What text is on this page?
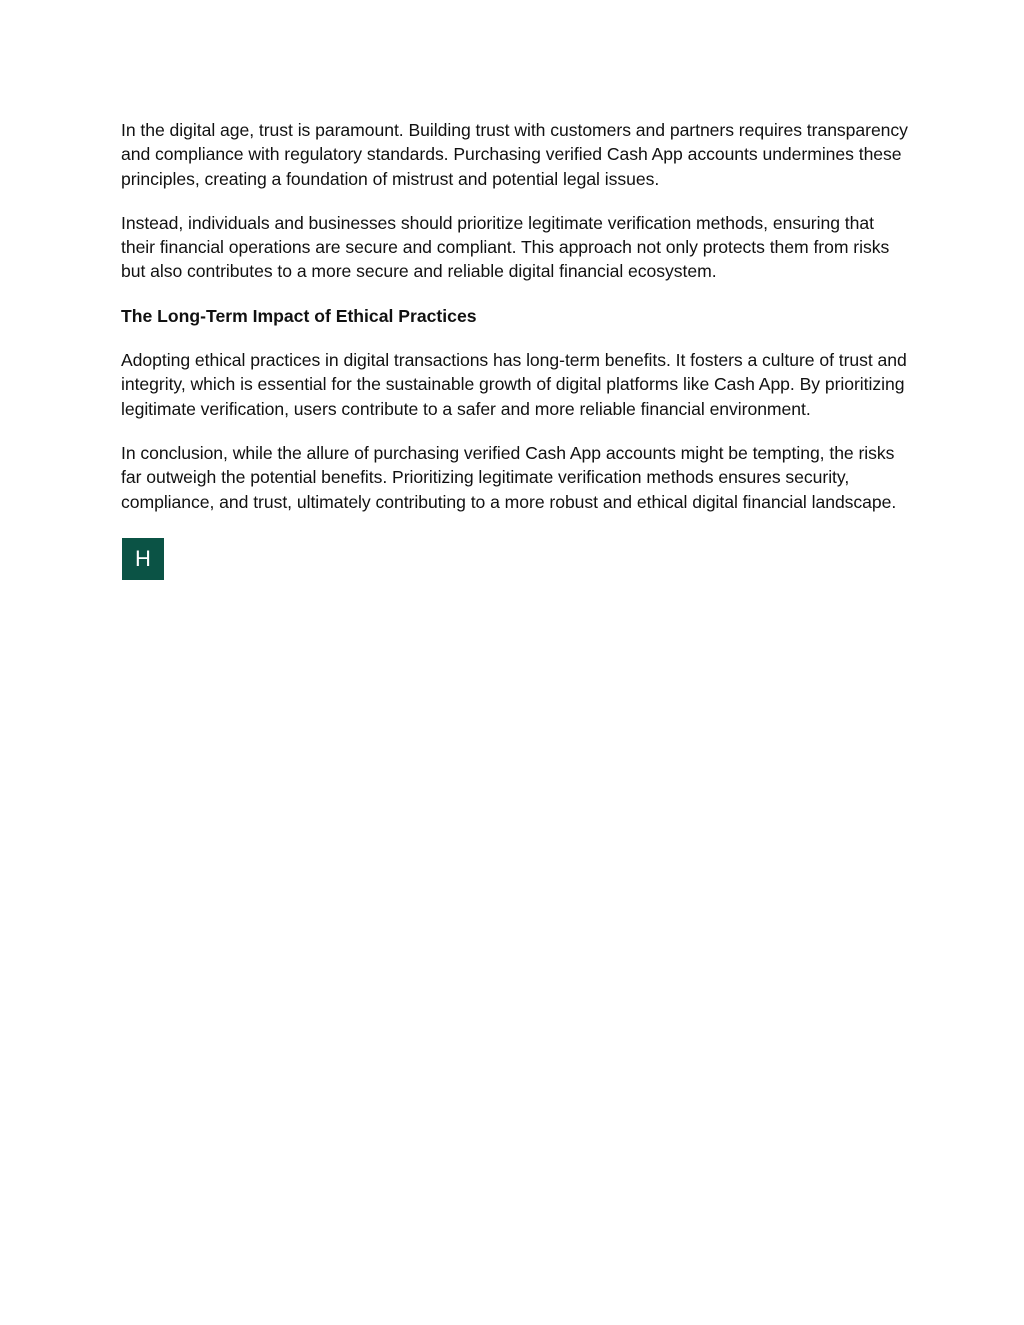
In the digital age, trust is paramount. Building trust with customers and partners requires transparency and compliance with regulatory standards. Purchasing verified Cash App accounts undermines these principles, creating a foundation of mistrust and potential legal issues.

Instead, individuals and businesses should prioritize legitimate verification methods, ensuring that their financial operations are secure and compliant. This approach not only protects them from risks but also contributes to a more secure and reliable digital financial ecosystem.

The Long-Term Impact of Ethical Practices

Adopting ethical practices in digital transactions has long-term benefits. It fosters a culture of trust and integrity, which is essential for the sustainable growth of digital platforms like Cash App. By prioritizing legitimate verification, users contribute to a safer and more reliable financial environment.

In conclusion, while the allure of purchasing verified Cash App accounts might be tempting, the risks far outweigh the potential benefits. Prioritizing legitimate verification methods ensures security, compliance, and trust, ultimately contributing to a more robust and ethical digital financial landscape.

H
